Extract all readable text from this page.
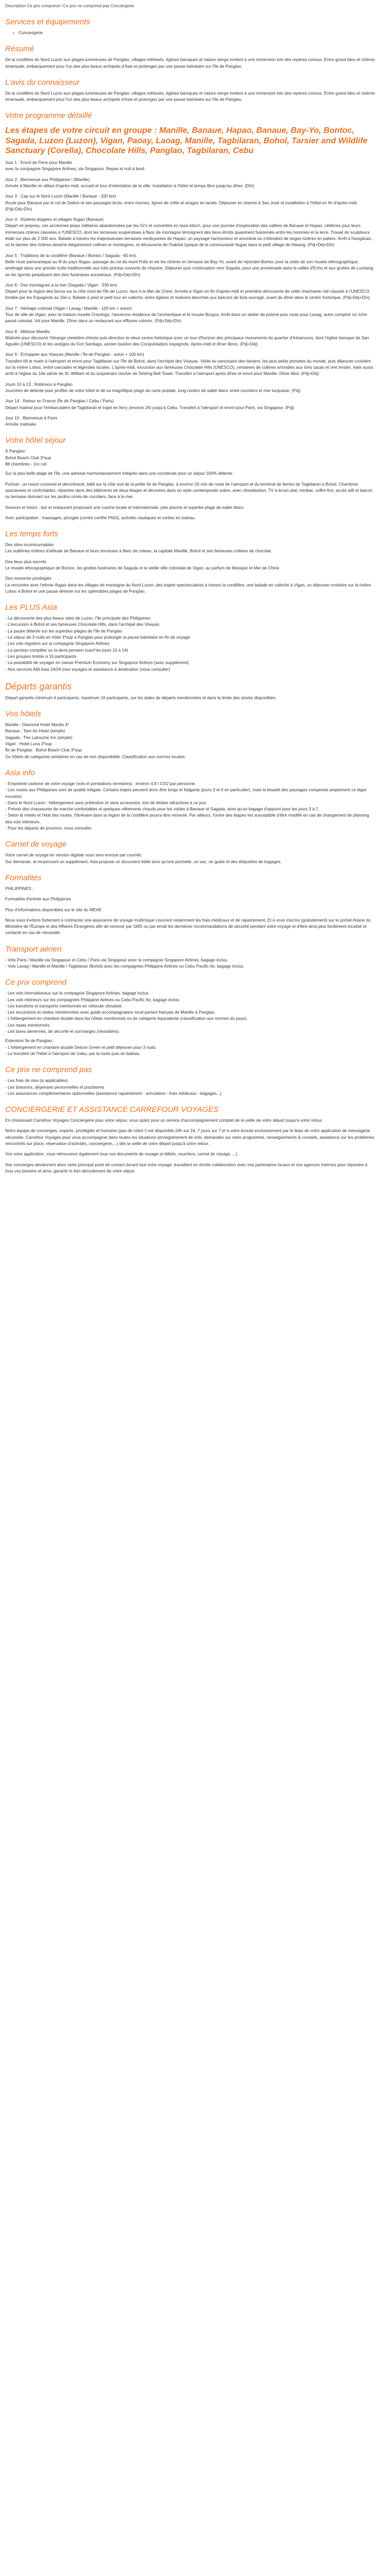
Description Ce prix comprend / Ce prix ne comprend pas Conciergerie
Services et équipements
• Conciergerie
Résumé

De la cordillère du Nord Luzon aux plages lumineuses de Panglao, villages métissés, églises baroques et nature vierge invitent à une immersion loin des repères connus. Entre grand bleu et rizières émeraude, embarquement pour l'un des plus beaux archipels d'Asie et prolongez par une pause balnéaire sur l'île de Panglao.

L'avis du connaisseur

De la cordillère du Nord Luzon aux plages lumineuses de Panglao, villages métissés, églises baroques et nature vierge invitent à une immersion loin des repères connus. Entre grand bleu et rizières émeraude, embarquement pour l'un des plus beaux archipels d'Asie et prolongez par une pause balnéaire sur l'île de Panglao.

Votre programme détaillé
Les étapes de votre circuit en groupe : Manille, Banaue, Hapao, Banaue, Bay-Yo, Bontoc, Sagada, Luzon (Luzon), Vigan, Paoay, Laoag, Manille, Tagbilaran, Bohol, Tarsier and Wildlife Sanctuary (Corella), Chocolate Hills, Panglao, Tagbilaran, Cebu
Jour 1 : Envol de Paris pour Manille
avec la compagnie Singapore Airlines, via Singapour. Repas et nuit à bord.
Jour 2 : Bienvenue aux Philippines ! (Manille)
Arrivée à Manille en début d'après-midi, accueil et tour d'orientation de la ville. Installation à l'hôtel et temps libre jusqu'au dîner. (Dîn)
Jour 3 : Cap sur le Nord Luzon (Manille / Banaue - 320 km)
Route pour Banaue par le col de Dalton et ses paysages bruts, entre mornes, lignes de crête et virages en lacets. Déjeuner en chemin à San José et installation à l'hôtel en fin d'après-midi. (Pdj+Déj+Dîn)
Jour 4 : Rizières étagées et villages Ifugao (Banaue)
Départ en jeepney, ces anciennes jeeps militaires abandonnées par les GI's et converties en taxis kitsch, pour une journée d'exploration des vallées de Banaue et Hapao, célèbres pour leurs immenses rizières classées à l'UNESCO, dont les terrasses suspendues à flanc de montagne témoignent des liens étroits quasiment fusionnels entre les hommes et la terre. Travail de sculpteurs étalé sur plus de 2 000 ans. Balade à travers les majestueuses terrasses verdoyantes de Hapao, un paysage harmonieux et ancestral où s'étendent de larges rizières en paliers. Arrêt à Hungduan, où le damier des rizières dessine élégamment collines et montagnes, et découverte de l'habitat typique de la communauté Ifugao dans le petit village de Hiwang. (Pdj+Déj+Dîn)
Jour 5 : Traditions de la cordillère (Banaue / Bontoc / Sagada - 60 km)
Belle route panoramique au fil du pays Ifugao, passage du col du mont Polis et vie les rizières en terrasse de Bay-Yo, avant de rejoindre Bontoc pour la visite de son musée ethnographique, aménagé dans une grande hutte traditionnelle aux toits pointus couverts de chaume. Déjeuner puis continuation vers Sagada, pour une promenade dans la vallée d'Echo et aux grottes de Lumiang, où les Igorots perpétuent des rites funéraires ancestraux. (Pdj+Déj+Dîn)
Jour 6 : Des montagnes à la mer (Sagada / Vigan - 330 km)
Départ pour la région des Ilocos sur la côte nord de l'île de Luzon, face à la Mer de Chine. Arrivée à Vigan en fin d'après-midi et première découverte de cette charmante cité classée à l'UNESCO, fondée par les Espagnols au 16e s. Balade à pied et petit tour en calèche, entre églises et maisons blanches aux balcons de bois ouvragé, avant de dîner dans le centre historique. (Pdj+Déj+Dîn)
Jour 7 : Héritage colonial (Vigan / Laoag / Manille - 100 km + avion)
Tour de ville de Vigan, avec la maison-musée Crisologo, l'ancienne résidence de l'archevêque et le musée Burgos. Arrêt dans un atelier de poterie puis route pour Laoag, autre comptoir où riche passé colonial. Vol pour Manille. Dîner dans un restaurant aux effluves colorés. (Pdj+Déj+Dîn)
Jour 8 : Métisse Manille
Matinée pour découvrir l'étrange cimetière chinois puis direction la vieux centre historique avec un tour d'horizon des principaux monuments du quartier d'Intramuros, dont l'église baroque de San Agustin (UNESCO) et les vestiges du Fort Santiago, ancien bastion des Conquistadors espagnols. Après-midi et dîner libres. (Pdj+Déj)
Jour 9 : Échappée aux Visayas (Manille / Île de Panglao - avion + 100 km)
Transfert tôt le matin à l'aéroport et envol pour Tagbilaran sur l'île de Bohol, dans l'archipel des Visayas. Visite du sanctuaire des tarsiers, les plus petits primates du monde, puis déjeuner-croisière sur la rivière Loboc, entre cascades et légendes locales. L'après-midi, excursion aux fameuses Chocolate Hills (UNESCO), centaines de collines arrondies aux tons cacao et vert tendre, mais aussi arrêt à l'église du 16e siècle de St. William et du surprenant clocher de Sinking Bell Tower. Transfert à l'aéroport après dîner et envol pour Manille. Dîner libre. (Pdj+Déj)
Jours 10 à 13 : Robinson à Panglao
Journées de détente pour profiter de votre hôtel et de sa magnifique plage de carte postale, long cordon de sable blanc entre cocotiers et mer turquoise. (Pdj)
Jour 14 : Retour en France (Île de Panglao / Cebu / Paris)
Départ matinal pour l'embarcadère de Tagbilaran et trajet en ferry (environ 2h) jusqu'à Cebu. Transfert à l'aéroport et envol pour Paris, via Singapour. (Pdj)
Jour 15 : Bienvenue à Paris
Arrivée matinale.
Votre hôtel séjour
À Panglao:
Bohol Beach Club 3*sup
88 chambres - 1re cat.

Sur la plus belle plage de l'île, une adresse harmonieusement intégrée dans une cocoteraie pour un séjour 100% détente.

Portrait : un resort convivial et décontracté, bâtit sur la côte sud de la petite île de Panglao, à environ 20 min de route de l'aéroport et du terminal de ferries de Tagbilaran à Bohol. Chambres spacieuses et confortables, réparties dans des bâtiments de deux étages et décorées dans un style contemporain sobre, avec climatisation, TV à écran plat, minibar, coffre-fort, accès wifi et balcon ou terrasse donnant sur les jardins ornés de cocotiers, face à la mer.

Saveurs et loisirs : bar et restaurant proposant une cuisine locale et internationale, jolie piscine et superbe plage de sable blanc.

Avec participation : massages, plongée (centre certifié PADI), activités nautiques et sorties en bateau.

Les temps forts

Des sites incontournables
Les sublimes rizières d'altitude de Banaue et leurs terrasses à flanc de coteau, la capitale Manille, Bohol et ses fameuses collines de chocolat.

Des lieux plus secrets
Le musée ethnographique de Bontoc, les grottes funéraires de Sagada et la vieille ville coloniale de Vigan, au parfum de Mexique et Mer de Chine.

Des moments privilégiés
La rencontre avec l'ethnie Ifugao dans les villages de montagne du Nord Luzon, des trajets spectaculaires à travers la cordillère, une balade en calèche à Vigan, un déjeuner-croisière sur la rivière Loboc à Bohol et une pause détente sur les splendides plages de Panglao.

Les PLUS Asia
- La découverte des plus beaux sites de Luzon, l'île principale des Philippines
- L'excursion à Bohol et ses fameuses Chocolate Hills, dans l'archipel des Visayas
- La pause détente sur les superbes plages de l'île de Panglao
- Le séjour de 3 nuits en hôtel 3*sup à Panglao pour prolonger la pause balnéaire en fin de voyage
- Les vols réguliers sur la compagnie Singapore Airlines
- La pension complète ou la demi-pension (sauf les jours 10 à 14)
- Les groupes limités à 16 participants
- La possibilité de voyager en classe Premium Economy sur Singapore Airlines (avec supplément)
- Nos services Allô Asia 24/24 (nos voyages et assistance à destination (nous consulter)
Départs garantis

Départ garantis minimum 4 participants, maximum 16 participants, sur les dates de départs mentionnées et dans la limite des stocks disponibles.

Vos hôtels
Manille : Diamond Hotel Manila 4*
Banaue : Tam-An Hotel (simple)
Sagada : The Latouche Inn (simple)
Vigan : Hotel Luna 3*sup
Île de Panglao : Bohol Beach Club 3*sup
Ou hôtels de catégories similaires en cas de non disponibilité. Classification aux normes locales.
Asia info
- Empreinte carbone de votre voyage (vols et prestations terrestres) : environ 4,9 t CO2 par personne.
- Les routes aux Philippines sont de qualité inégale. Certains trajets peuvent donc être longs et fatigants (jours 3 et 6 en particulier), mais la beauté des paysages compense amplement ce léger inconfort.
- Dans le Nord Luzon : hébergement sans prétention et sans accessoire, loin de étoiles attractives à ce jour.
- Prévoir des chaussures de marche confortables et quelques vêtements chauds pour les visites à Banaue et Sagada, ainsi qu'un bagage d'appoint pour les jours 3 à 7.
- Selon la météo et l'état des routes, l'itinéraire dans la région de la cordillère pourra être remanié. Par ailleurs, l'ordre des étapes est susceptible d'être modifié en cas de changement de planning des vols intérieurs.
- Pour les départs de province, nous consulter.
Carnet de voyage

Votre carnet de voyage en version digitale vous sera envoyé par courriel.
Sur demande, et moyennant un supplément, Asia propose un document édité ainsi qu'une pochette, un sac, un guide et des étiquettes de bagages.

Formalités

PHILIPPINES :

Formalités d'entrée aux Philippines

Plus d'informations disponibles sur le site du MEAE.

Nous vous invitons fortement à contracter une assurance de voyage multirisque couvrant notamment les frais médicaux et de rapatriement. Et à vous inscrire (gratuitement) sur le portail Ariane du Ministère de l'Europe et des Affaires Étrangères afin de recevoir par SMS ou par email les dernières recommandations de sécurité pendant votre voyage et d'être ainsi plus facilement localisé et contacté en cas de nécessité.

Transport aérien
- Vols Paris / Manille via Singapour et Cebu / Paris via Singapour avec la compagnie Singapore Airlines, bagage inclus.
- Vols Laoag / Manille et Manille / Tagbilaran (Bohol) avec les compagnies Philippine Airlines ou Cebu Pacific Air, bagage inclus.
Ce prix comprend
- Les vols internationaux sur la compagnie Singapore Airlines, bagage inclus.
- Les vols intérieurs sur les compagnies Philippine Airlines ou Cebu Pacific Air, bagage inclus.
- Les transferts et transports mentionnés en véhicule climatisé.
- Les excursions et visites mentionnées avec guide accompagnateur local parlant français de Manille à Panglao.
- L'hébergement en chambre double dans les hôtels mentionnés ou de catégorie équivalente (classification aux normes du pays).
- Les repas mentionnés.
- Les taxes aériennes, de sécurité et surcharges (révisables).
Extension île de Panglao :
- L'hébergement en chambre double Deluxe Green et petit déjeuner pour 3 nuits.
- Le transfert de l'hôtel à l'aéroport de Cebu, par la route puis en bateau.
Ce prix ne comprend pas
- Les frais de visa (si applicables)
- Les boissons, dépenses personnelles et pourboires
- Les assurances complémentaires optionnelles (assistance rapatriement - annulation - frais médicaux - bagages...)
CONCIERGERIE ET ASSISTANCE CARREFOUR VOYAGES

En choisissant Carrefour Voyages Conciergerie pour votre séjour, vous optez pour un service d'accompagnement complet de la veille de votre départ jusqu'à votre retour.

Notre équipe de concierges, experte, privilégiée et humaine (pas de robot !) est disponible 24h sur 24, 7 jours sur 7 et à votre écoute exclusivement par le biais de votre application de messagerie sécurisée. Carrefour Voyages pour vous accompagner dans toutes les situations (enregistrement de vols, demandes sur votre programme, renseignements & conseils, assistance sur les problèmes rencontrés sur place, réservation d'activités, conciergerie,...) dès la veille de votre départ jusqu'à votre retour.

Vos voire application, vous retrouverez également tous vos documents de voyage (e-billets, vouchers, carnet de voyage, ...).

Vos concierges deviennent alors votre principal point de contact durant tout votre voyage, travaillant en étroite collaboration avec nos partenaires locaux et nos agences internes pour répondre à tous vos besoins et ainsi, garantir le bon déroulement de votre séjour.
